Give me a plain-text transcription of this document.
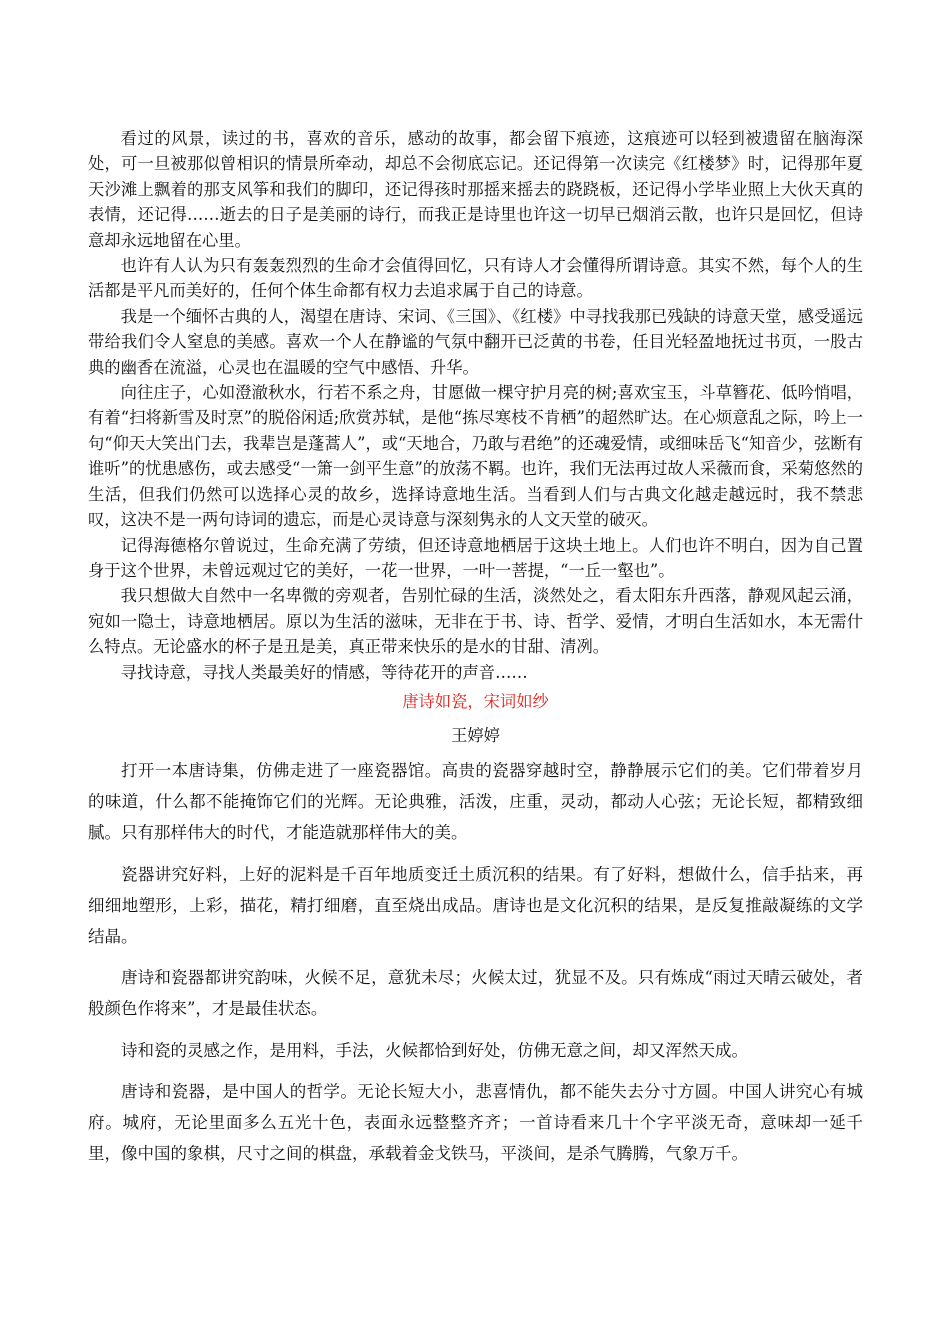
看过的风景，读过的书，喜欢的音乐，感动的故事，都会留下痕迹，这痕迹可以轻到被遗留在脑海深处，可一旦被那似曾相识的情景所牵动，却总不会彻底忘记。还记得第一次读完《红楼梦》时，记得那年夏天沙滩上飘着的那支风筝和我们的脚印，还记得孩时那摇来摇去的跷跷板，还记得小学毕业照上大伙天真的表情，还记得……逝去的日子是美丽的诗行，而我正是诗里也许这一切早已烟消云散，也许只是回忆，但诗意却永远地留在心里。

也许有人认为只有轰轰烈烈的生命才会值得回忆，只有诗人才会懂得所谓诗意。其实不然，每个人的生活都是平凡而美好的，任何个体生命都有权力去追求属于自己的诗意。

我是一个缅怀古典的人，渴望在唐诗、宋词、《三国》、《红楼》中寻找我那已残缺的诗意天堂，感受遥远带给我们令人窒息的美感。喜欢一个人在静谧的气氛中翻开已泛黄的书卷，任目光轻盈地抚过书页，一股古典的幽香在流溢，心灵也在温暖的空气中感悟、升华。

向往庄子，心如澄澈秋水，行若不系之舟，甘愿做一棵守护月亮的树;喜欢宝玉，斗草簪花、低吟悄唱，有着“扫将新雪及时烹”的脱俗闲适;欣赏苏轼，是他“拣尽寒枝不肯栖”的超然旷达。在心烦意乱之际，吟上一句“仰天大笑出门去，我辈岂是蓬蒿人”，或“天地合，乃敢与君绝”的还魂爱情，或细味岳飞“知音少，弦断有谁听”的忧患感伤，或去感受“一箫一剑平生意”的放荡不羁。也许，我们无法再过故人采薇而食，采菊悠然的生活，但我们仍然可以选择心灵的故乡，选择诗意地生活。当看到人们与古典文化越走越远时，我不禁悲叹，这决不是一两句诗词的遗忘，而是心灵诗意与深刻隽永的人文天堂的破灭。

记得海德格尔曾说过，生命充满了劳绩，但还诗意地栖居于这块土地上。人们也许不明白，因为自己置身于这个世界，未曾远观过它的美好，一花一世界，一叶一菩提，“一丘一壑也”。

我只想做大自然中一名卑微的旁观者，告别忙碌的生活，淡然处之，看太阳东升西落，静观风起云涌，宛如一隐士，诗意地栖居。原以为生活的滋味，无非在于书、诗、哲学、爱情，才明白生活如水，本无需什么特点。无论盛水的杯子是丑是美，真正带来快乐的是水的甘甜、清冽。

寻找诗意，寻找人类最美好的情感，等待花开的声音……

唐诗如瓷，宋词如纱
王婷婷

打开一本唐诗集，仿佛走进了一座瓷器馆。高贵的瓷器穿越时空，静静展示它们的美。它们带着岁月的味道，什么都不能掩饰它们的光辉。无论典雅，活泼，庄重，灵动，都动人心弦；无论长短，都精致细腻。只有那样伟大的时代，才能造就那样伟大的美。

瓷器讲究好料，上好的泥料是千百年地质变迁土质沉积的结果。有了好料，想做什么，信手拈来，再细细地塑形，上彩，描花，精打细磨，直至烧出成品。唐诗也是文化沉积的结果，是反复推敲凝练的文学结晶。

唐诗和瓷器都讲究韵味，火候不足，意犹未尽；火候太过，犹显不及。只有炼成“雨过天晴云破处，者般颜色作将来”，才是最佳状态。

诗和瓷的灵感之作，是用料，手法，火候都恰到好处，仿佛无意之间，却又浑然天成。

唐诗和瓷器，是中国人的哲学。无论长短大小，悲喜情仇，都不能失去分寸方圆。中国人讲究心有城府。城府，无论里面多么五光十色，表面永远整整齐齐；一首诗看来几十个字平淡无奇，意味却一延千里，像中国的象棋，尺寸之间的棋盘，承载着金戈铁马，平淡间，是杀气腾腾，气象万千。
